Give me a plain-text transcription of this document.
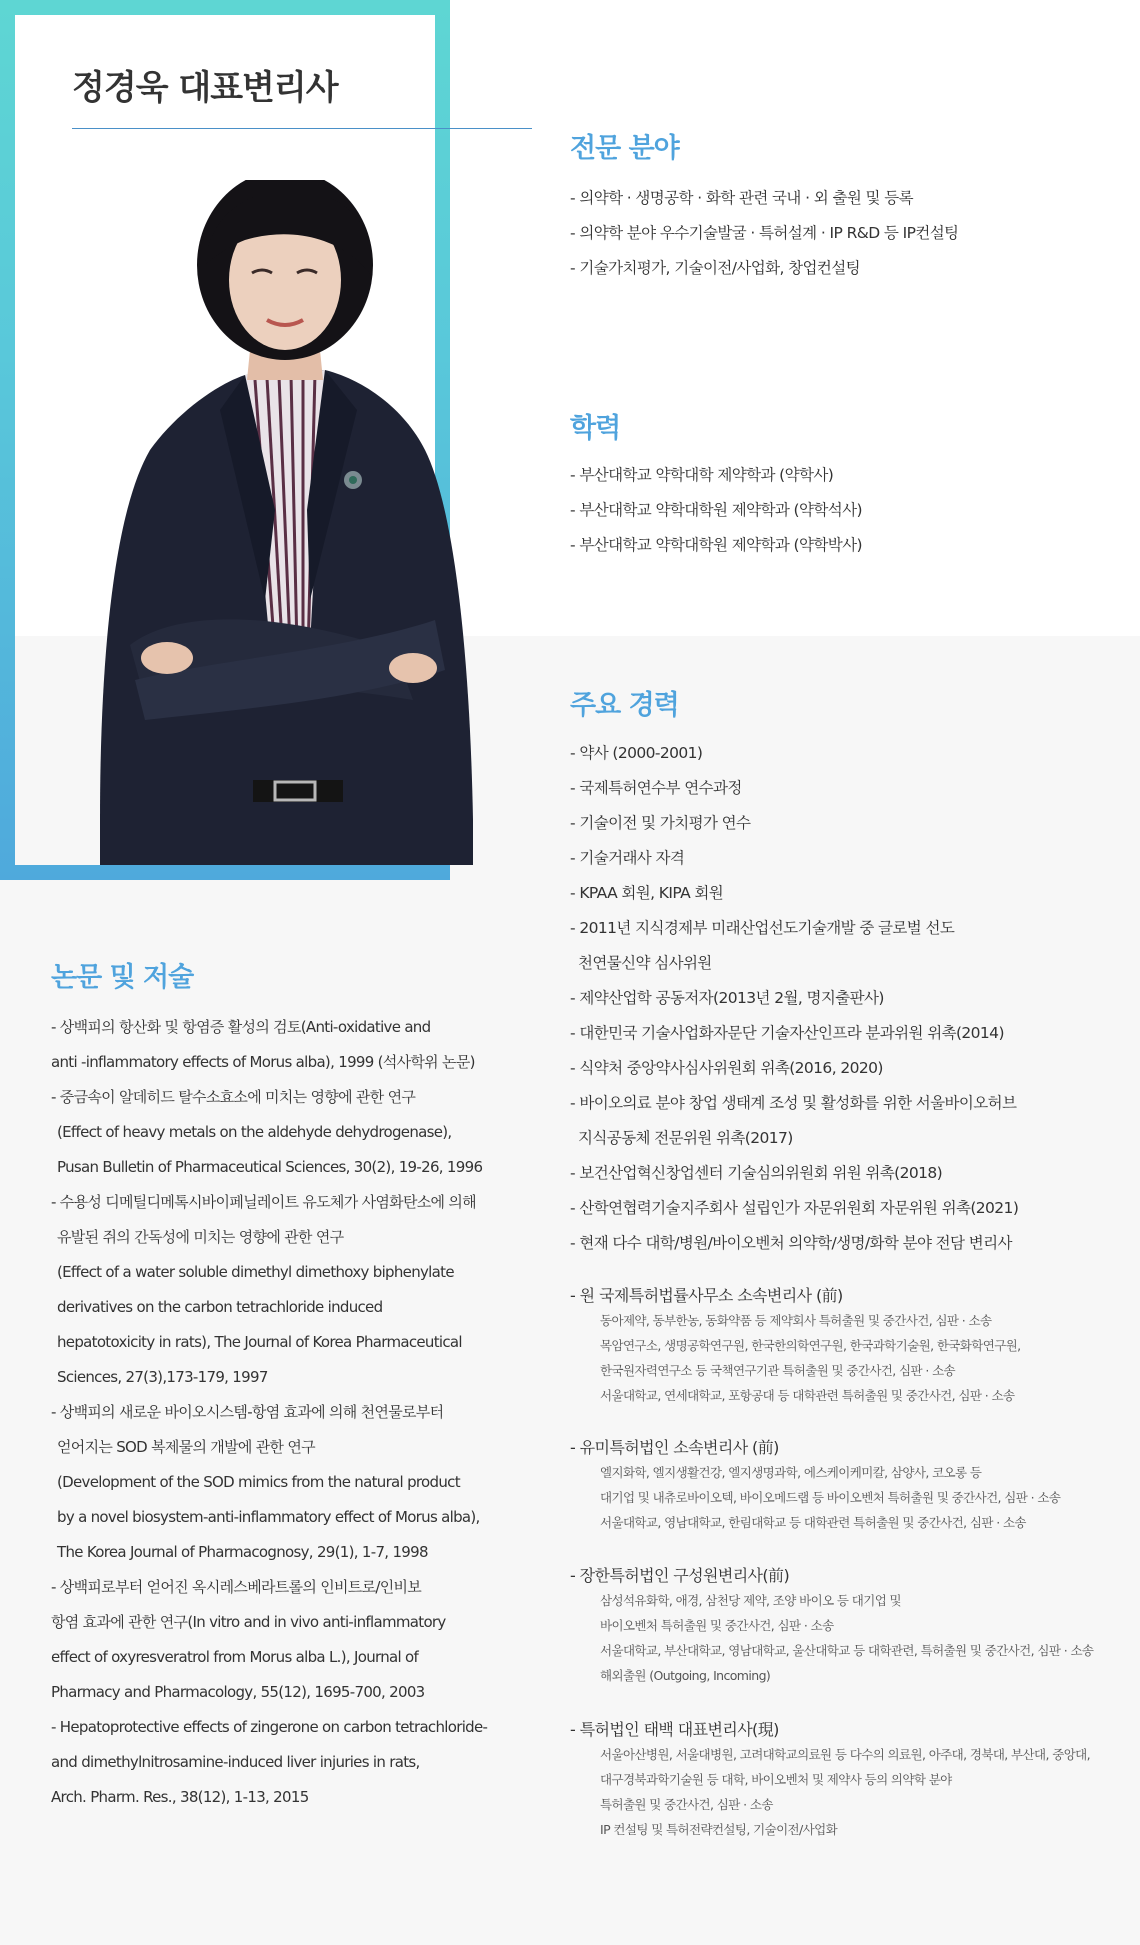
정경욱 대표변리사
전문 분야
- 의약학 · 생명공학 · 화학 관련 국내 · 외 출원 및 등록
- 의약학 분야 우수기술발굴 · 특허설계 · IP R&D 등 IP컨설팅
- 기술가치평가, 기술이전/사업화, 창업컨설팅
학력
- 부산대학교 약학대학 제약학과 (약학사)
- 부산대학교 약학대학원 제약학과 (약학석사)
- 부산대학교 약학대학원 제약학과 (약학박사)
주요 경력
- 약사 (2000-2001)
- 국제특허연수부 연수과정
- 기술이전 및 가치평가 연수
- 기술거래사 자격
- KPAA 회원, KIPA 회원
- 2011년 지식경제부 미래산업선도기술개발 중 글로벌 선도
천연물신약 심사위원
- 제약산업학 공동저자(2013년 2월, 명지출판사)
- 대한민국 기술사업화자문단 기술자산인프라 분과위원 위촉(2014)
- 식약처 중앙약사심사위원회 위촉(2016, 2020)
- 바이오의료 분야 창업 생태계 조성 및 활성화를 위한 서울바이오허브
지식공동체 전문위원 위촉(2017)
- 보건산업혁신창업센터 기술심의위원회 위원 위촉(2018)
- 산학연협력기술지주회사 설립인가 자문위원회 자문위원 위촉(2021)
- 현재 다수 대학/병원/바이오벤처 의약학/생명/화학 분야 전담 변리사
- 원 국제특허법률사무소 소속변리사 (前)
동아제약, 동부한농, 동화약품 등 제약회사 특허출원 및 중간사건, 심판 · 소송
목암연구소, 생명공학연구원, 한국한의학연구원, 한국과학기술원, 한국화학연구원,
한국원자력연구소 등 국책연구기관 특허출원 및 중간사건, 심판 · 소송
서울대학교, 연세대학교, 포항공대 등 대학관련 특허출원 및 중간사건, 심판 · 소송
- 유미특허법인 소속변리사 (前)
엘지화학, 엘지생활건강, 엘지생명과학, 에스케이케미칼, 삼양사, 코오롱 등
대기업 및 내츄로바이오텍, 바이오메드랩 등 바이오벤처 특허출원 및 중간사건, 심판 · 소송
서울대학교, 영남대학교, 한림대학교 등 대학관련 특허출원 및 중간사건, 심판 · 소송
- 장한특허법인 구성원변리사(前)
삼성석유화학, 애경, 삼천당 제약, 조양 바이오 등 대기업 및
바이오벤처 특허출원 및 중간사건, 심판 · 소송
서울대학교, 부산대학교, 영남대학교, 울산대학교 등 대학관련, 특허출원 및 중간사건, 심판 · 소송
해외출원 (Outgoing, Incoming)
- 특허법인 태백 대표변리사(現)
서울아산병원, 서울대병원, 고려대학교의료원 등 다수의 의료원, 아주대, 경북대, 부산대, 중앙대,
대구경북과학기술원 등 대학, 바이오벤처 및 제약사 등의 의약학 분야
특허출원 및 중간사건, 심판 · 소송
IP 컨설팅 및 특허전략컨설팅, 기술이전/사업화
논문 및 저술
- 상백피의 항산화 및 항염증 활성의 검토(Anti-oxidative and
anti -inflammatory effects of Morus alba), 1999 (석사학위 논문)
- 중금속이 알데히드 탈수소효소에 미치는 영향에 관한 연구
(Effect of heavy metals on the aldehyde dehydrogenase),
Pusan Bulletin of Pharmaceutical Sciences, 30(2), 19-26, 1996
- 수용성 디메틸디메톡시바이페닐레이트 유도체가 사염화탄소에 의해
유발된 쥐의 간독성에 미치는 영향에 관한 연구
(Effect of a water soluble dimethyl dimethoxy biphenylate
derivatives on the carbon tetrachloride induced
hepatotoxicity in rats), The Journal of Korea Pharmaceutical
Sciences, 27(3),173-179, 1997
- 상백피의 새로운 바이오시스템-항염 효과에 의해 천연물로부터
얻어지는 SOD 복제물의 개발에 관한 연구
(Development of the SOD mimics from the natural product
by a novel biosystem-anti-inflammatory effect of Morus alba),
The Korea Journal of Pharmacognosy, 29(1), 1-7, 1998
- 상백피로부터 얻어진 옥시레스베라트롤의 인비트로/인비보
항염 효과에 관한 연구(In vitro and in vivo anti-inflammatory
effect of oxyresveratrol from Morus alba L.), Journal of
Pharmacy and Pharmacology, 55(12), 1695-700, 2003
- Hepatoprotective effects of zingerone on carbon tetrachloride-
and dimethylnitrosamine-induced liver injuries in rats,
Arch. Pharm. Res., 38(12), 1-13, 2015
